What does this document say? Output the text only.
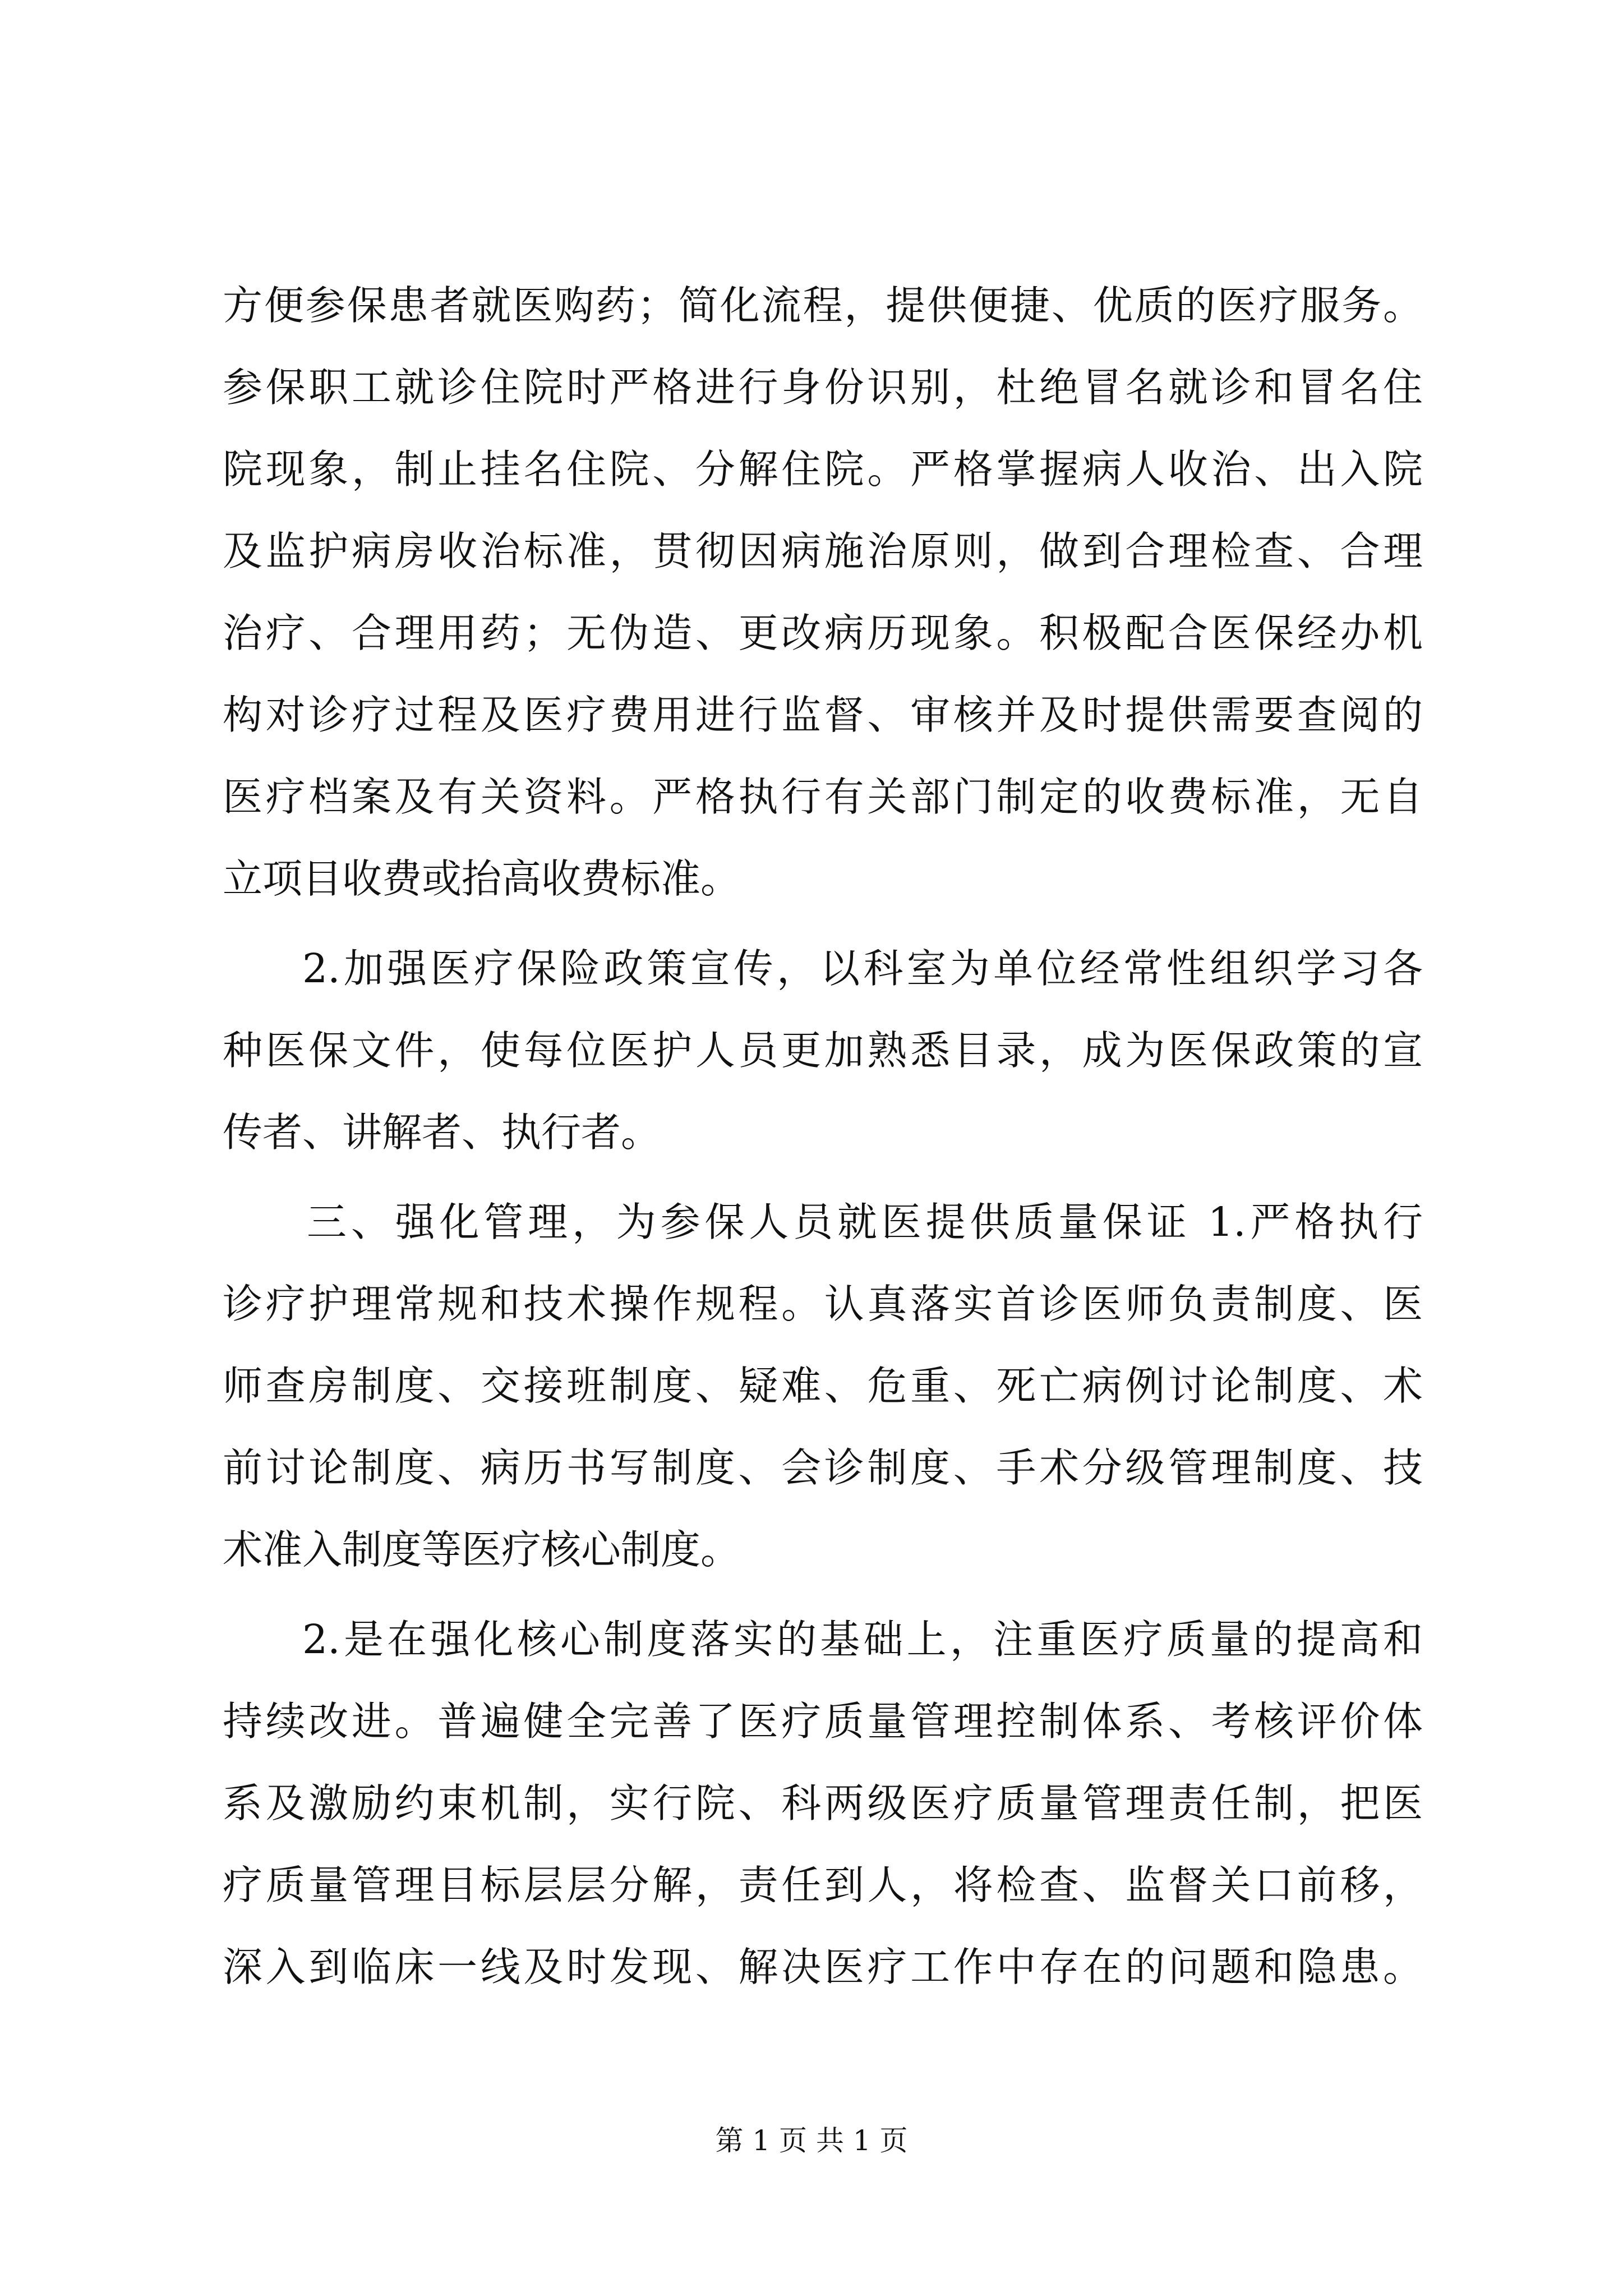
方便参保患者就医购药；简化流程，提供便捷、优质的医疗服务。
参保职工就诊住院时严格进行身份识别，杜绝冒名就诊和冒名住
院现象，制止挂名住院、分解住院。严格掌握病人收治、出入院
及监护病房收治标准，贯彻因病施治原则，做到合理检查、合理
治疗、合理用药；无伪造、更改病历现象。积极配合医保经办机
构对诊疗过程及医疗费用进行监督、审核并及时提供需要查阅的
医疗档案及有关资料。严格执行有关部门制定的收费标准，无自
立项目收费或抬高收费标准。
2.加强医疗保险政策宣传，以科室为单位经常性组织学习各
种医保文件，使每位医护人员更加熟悉目录，成为医保政策的宣
传者、讲解者、执行者。
三、强化管理，为参保人员就医提供质量保证 1.严格执行
诊疗护理常规和技术操作规程。认真落实首诊医师负责制度、医
师查房制度、交接班制度、疑难、危重、死亡病例讨论制度、术
前讨论制度、病历书写制度、会诊制度、手术分级管理制度、技
术准入制度等医疗核心制度。
2.是在强化核心制度落实的基础上，注重医疗质量的提高和
持续改进。普遍健全完善了医疗质量管理控制体系、考核评价体
系及激励约束机制，实行院、科两级医疗质量管理责任制，把医
疗质量管理目标层层分解，责任到人，将检查、监督关口前移，
深入到临床一线及时发现、解决医疗工作中存在的问题和隐患。
第 1 页 共 1 页
